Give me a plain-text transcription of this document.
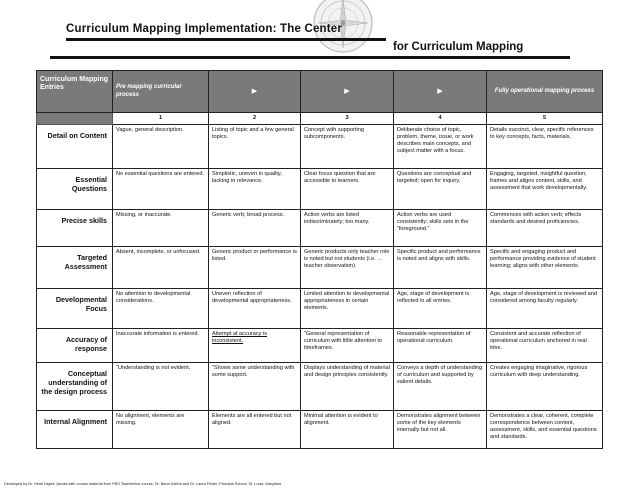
Curriculum Mapping Implementation: The Center
for Curriculum Mapping
Curriculum Mapping Entries	Pre mapping curricular process	▶	▶	▶	Fully operational mapping process
	1	2	3	4	5
Detail on Content	Vague, general description.	Listing of topic and a few general topics.	Concept with supporting subcomponents.	Deliberate choice of topic, problem, theme, issue, or work describes main concepts, and subject matter with a focus.	Details succinct, clear, specific references to key concepts, facts, materials.
Essential Questions	No essential questions are entered.	Simplistic, uneven in quality, lacking in relevance.	Clear focus question that are accessible to learners.	Questions are conceptual and targeted; open for inquiry.	Engaging, targeted, insightful question; frames and aligns content, skills, and assessment that work developmentally.
Precise skills	Missing, or inaccurate.	Generic verb; broad process.	Action verbs are listed indiscriminately; too many.	Action verbs are used consistently; skills sets in the “foreground.”	Commences with action verb; effects standards and desired proficiencies.
Targeted Assessment	Absent, incomplete, or unfocused.	Generic product or performance is listed.	Generic products only teacher role is noted but not students (i.e. …teacher observation).	Specific product and performance is noted and aligns with skills.	Specific and engaging product and performance providing evidence of student learning; aligns with other elements.
Developmental Focus	No attention to developmental considerations.	Uneven reflection of developmental appropriateness.	Limited attention to developmental appropriateness in certain elements.	Age, stage of development is reflected in all entries.	Age, stage of development is reviewed and considered among faculty regularly.
Accuracy of response	Inaccurate information is entered.	Attempt at accuracy is inconsistent.	“General representation of curriculum with little attention to timeframes.	Reasonable representation of operational curriculum.	Consistent and accurate reflection of operational curriculum anchored in real time.
Conceptual understanding of the design process	“Understanding is not evident.	“Shows some understanding with some support.	Displays understanding of material and design principles consistently.	Conveys a depth of understanding of curriculum and supported by salient details.	Creates engaging imaginative, rigorous curriculum with deep understanding.
Internal Alignment	No alignment, elements are missing.	Elements are all entered but not aligned.	Minimal attention is evident to alignment.	Demonstrates alignment between some of the key elements internally but not all.	Demonstrates a clear, coherent, complete correspondence between content, assessment, skills, and essential questions and standards.
Developed by Dr. Heidi Hayes Jacobs with course material from PBS Teacherline course, Dr. Bena Kallick and Dr. Laura Fisher, Principia School, St. Louis, Maryland
